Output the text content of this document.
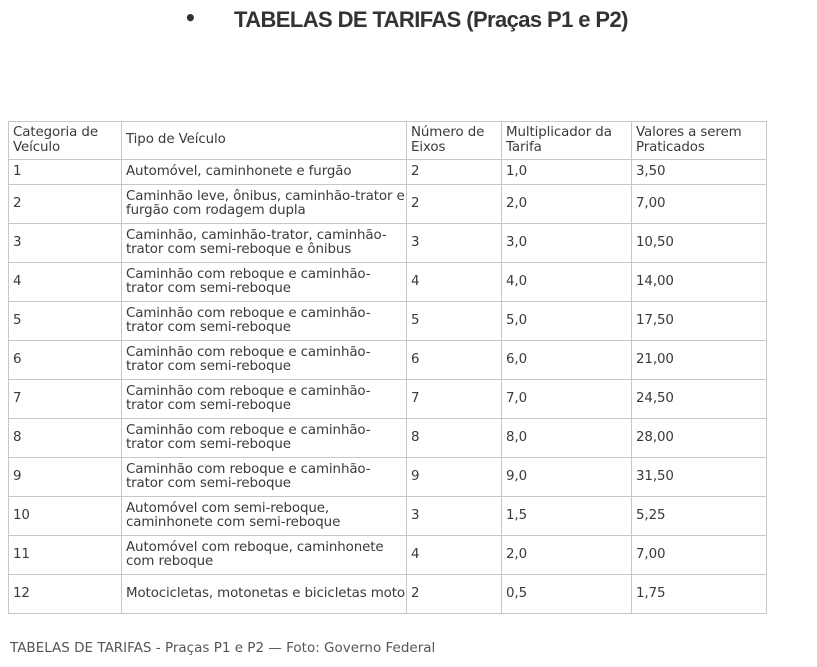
• TABELAS DE TARIFAS (Praças P1 e P2)
Categoria de Veículo	Tipo de Veículo	Número de Eixos	Multiplicador da Tarifa	Valores a serem Praticados
1	Automóvel, caminhonete e furgão	2	1,0	3,50
2	Caminhão leve, ônibus, caminhão-trator e furgão com rodagem dupla	2	2,0	7,00
3	Caminhão, caminhão-trator, caminhão-trator com semi-reboque e ônibus	3	3,0	10,50
4	Caminhão com reboque e caminhão-trator com semi-reboque	4	4,0	14,00
5	Caminhão com reboque e caminhão-trator com semi-reboque	5	5,0	17,50
6	Caminhão com reboque e caminhão-trator com semi-reboque	6	6,0	21,00
7	Caminhão com reboque e caminhão-trator com semi-reboque	7	7,0	24,50
8	Caminhão com reboque e caminhão-trator com semi-reboque	8	8,0	28,00
9	Caminhão com reboque e caminhão-trator com semi-reboque	9	9,0	31,50
10	Automóvel com semi-reboque, caminhonete com semi-reboque	3	1,5	5,25
11	Automóvel com reboque, caminhonete com reboque	4	2,0	7,00
12	Motocicletas, motonetas e bicicletas moto	2	0,5	1,75
TABELAS DE TARIFAS - Praças P1 e P2 — Foto: Governo Federal
